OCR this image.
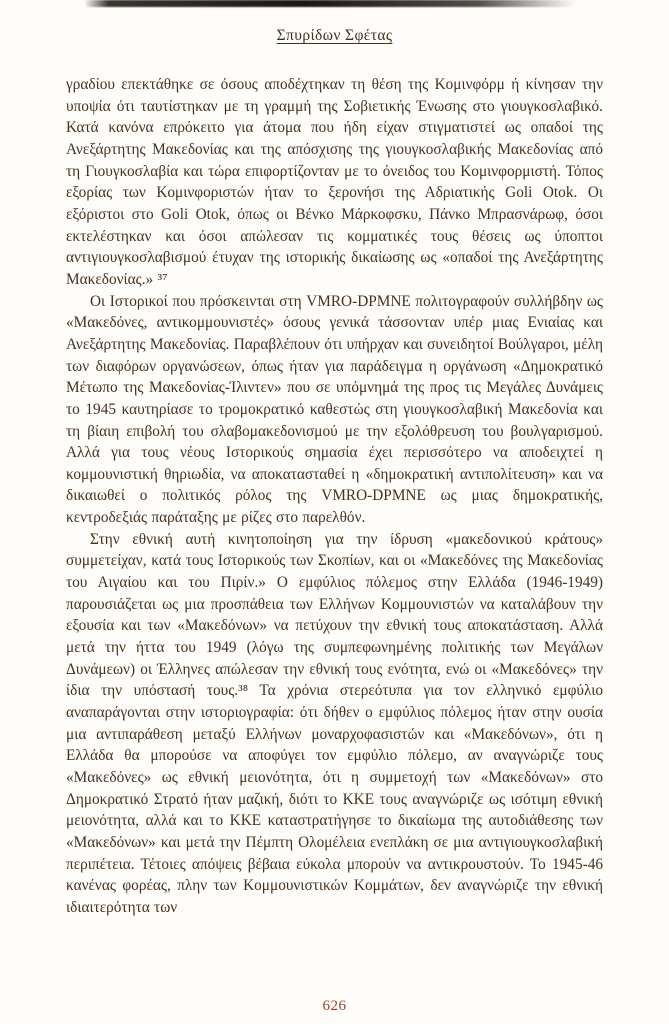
Σπυρίδων Σφέτας

γραδίου επεκτάθηκε σε όσους αποδέχτηκαν τη θέση της Κομινφόρμ ή κίνησαν την υποψία ότι ταυτίστηκαν με τη γραμμή της Σοβιετικής Ένωσης στο γιουγκοσλαβικό. Κατά κανόνα επρόκειτο για άτομα που ήδη είχαν στιγματιστεί ως οπαδοί της Ανεξάρτητης Μακεδονίας και της απόσχισης της γιουγκοσλαβικής Μακεδονίας από τη Γιουγκοσλαβία και τώρα επιφορτίζονταν με το όνειδος του Κομινφορμιστή. Τόπος εξορίας των Κομινφοριστών ήταν το ξερονήσι της Αδριατικής Goli Otok. Οι εξόριστοι στο Goli Otok, όπως οι Βένκο Μάρκοφσκυ, Πάνκο Μπρασνάρωφ, όσοι εκτελέστηκαν και όσοι απώλεσαν τις κομματικές τους θέσεις ως ύποπτοι αντιγιουγκοσλαβισμού έτυχαν της ιστορικής δικαίωσης ως «οπαδοί της Ανεξάρτητης Μακεδονίας.» ³⁷

Οι Ιστορικοί που πρόσκεινται στη VMRO-DPMNE πολιτογραφούν συλλήβδην ως «Μακεδόνες, αντικομμουνιστές» όσους γενικά τάσσονταν υπέρ μιας Ενιαίας και Ανεξάρτητης Μακεδονίας. Παραβλέπουν ότι υπήρχαν και συνειδητοί Βούλγαροι, μέλη των διαφόρων οργανώσεων, όπως ήταν για παράδειγμα η οργάνωση «Δημοκρατικό Μέτωπο της Μακεδονίας-Ίλιντεν» που σε υπόμνημά της προς τις Μεγάλες Δυνάμεις το 1945 καυτηρίασε το τρομοκρατικό καθεστώς στη γιουγκοσλαβική Μακεδονία και τη βίαιη επιβολή του σλαβομακεδονισμού με την εξολόθρευση του βουλγαρισμού. Αλλά για τους νέους Ιστορικούς σημασία έχει περισσότερο να αποδειχτεί η κομμουνιστική θηριωδία, να αποκατασταθεί η «δημοκρατική αντιπολίτευση» και να δικαιωθεί ο πολιτικός ρόλος της VMRO-DPMNE ως μιας δημοκρατικής, κεντροδεξιάς παράταξης με ρίζες στο παρελθόν.

Στην εθνική αυτή κινητοποίηση για την ίδρυση «μακεδονικού κράτους» συμμετείχαν, κατά τους Ιστορικούς των Σκοπίων, και οι «Μακεδόνες της Μακεδονίας του Αιγαίου και του Πιρίν.» Ο εμφύλιος πόλεμος στην Ελλάδα (1946-1949) παρουσιάζεται ως μια προσπάθεια των Ελλήνων Κομμουνιστών να καταλάβουν την εξουσία και των «Μακεδόνων» να πετύχουν την εθνική τους αποκατάσταση. Αλλά μετά την ήττα του 1949 (λόγω της συμπεφωνημένης πολιτικής των Μεγάλων Δυνάμεων) οι Έλληνες απώλεσαν την εθνική τους ενότητα, ενώ οι «Μακεδόνες» την ίδια την υπόστασή τους.³⁸ Τα χρόνια στερεότυπα για τον ελληνικό εμφύλιο αναπαράγονται στην ιστοριογραφία: ότι δήθεν ο εμφύλιος πόλεμος ήταν στην ουσία μια αντιπαράθεση μεταξύ Ελλήνων μοναρχοφασιστών και «Μακεδόνων», ότι η Ελλάδα θα μπορούσε να αποφύγει τον εμφύλιο πόλεμο, αν αναγνώριζε τους «Μακεδόνες» ως εθνική μειονότητα, ότι η συμμετοχή των «Μακεδόνων» στο Δημοκρατικό Στρατό ήταν μαζική, διότι το ΚΚΕ τους αναγνώριζε ως ισότιμη εθνική μειονότητα, αλλά και το ΚΚΕ καταστρατήγησε το δικαίωμα της αυτοδιάθεσης των «Μακεδόνων» και μετά την Πέμπτη Ολομέλεια ενεπλάκη σε μια αντιγιουγκοσλαβική περιπέτεια. Τέτοιες απόψεις βέβαια εύκολα μπορούν να αντικρουστούν. Το 1945-46 κανένας φορέας, πλην των Κομμουνιστικών Κομμάτων, δεν αναγνώριζε την εθνική ιδιαιτερότητα των

626
